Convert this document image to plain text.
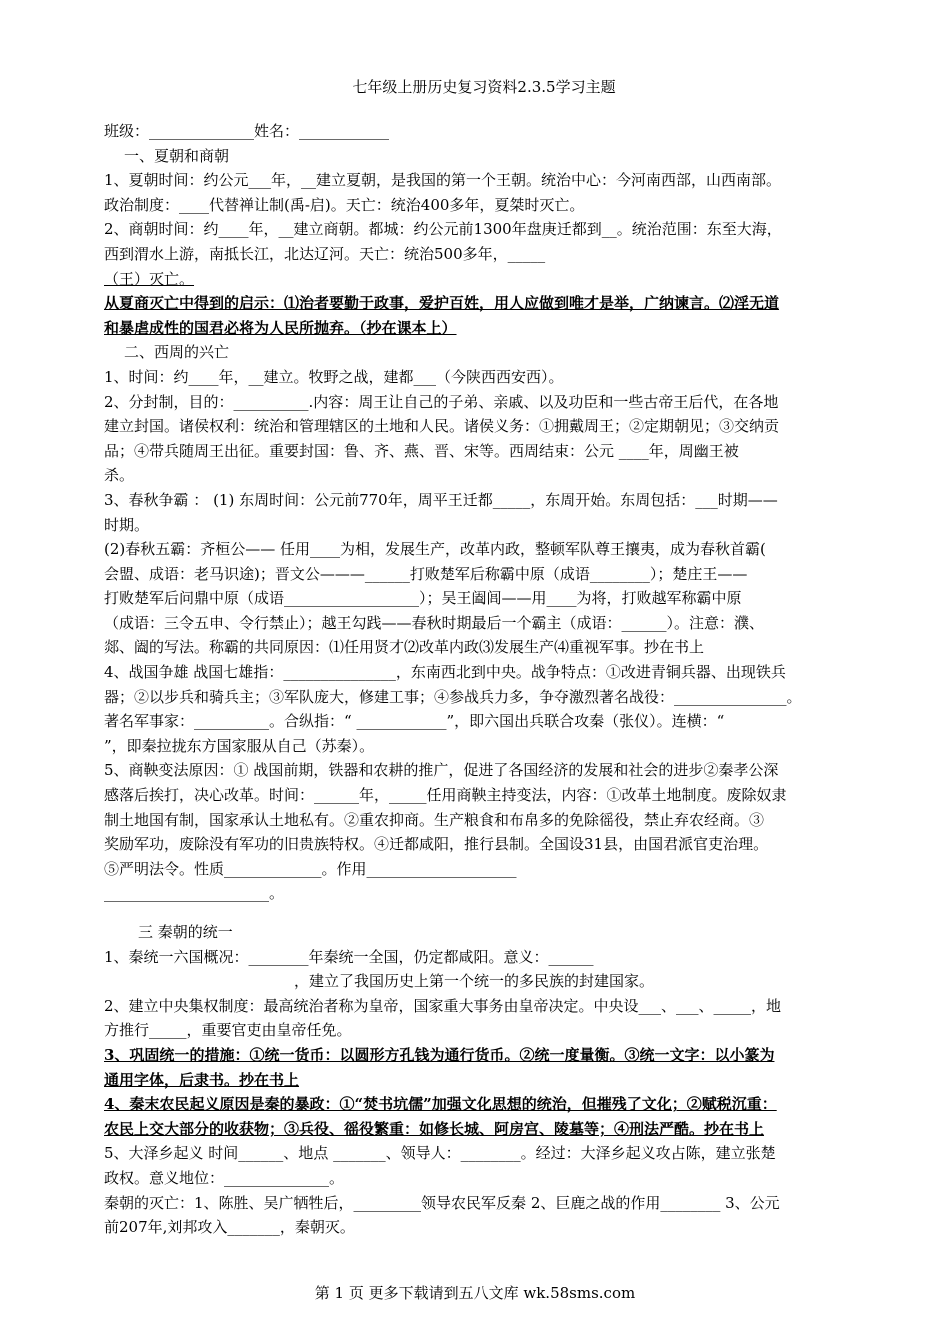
七年级上册历史复习资料2.3.5学习主题
班级：______________姓名：____________
一、夏朝和商朝
1、夏朝时间：约公元___年，__建立夏朝，是我国的第一个王朝。统治中心：今河南西部，山西南部。
政治制度：____代替禅让制(禹-启)。天亡：统治400多年，夏桀时灭亡。
2、商朝时间：约____年，__建立商朝。都城：约公元前1300年盘庚迁都到__。统治范围：东至大海，
西到渭水上游，南抵长江，北达辽河。天亡：统治500多年，_____
（王）灭亡。
从夏商灭亡中得到的启示：⑴治者要勤于政事，爱护百姓，用人应做到唯才是举，广纳谏言。⑵淫无道
和暴虐成性的国君必将为人民所抛弃。（抄在课本上）
二、西周的兴亡
1、时间：约____年，__建立。牧野之战，建都___（今陕西西安西）。
2、分封制，目的：__________.内容：周王让自己的子弟、亲戚、以及功臣和一些古帝王后代，在各地
建立封国。诸侯权利：统治和管理辖区的土地和人民。诸侯义务：①拥戴周王；②定期朝见；③交纳贡
品；④带兵随周王出征。重要封国：鲁、齐、燕、晋、宋等。西周结束：公元 ____年，周幽王被
杀。
3、春秋争霸 ： (1) 东周时间：公元前770年，周平王迁都_____，东周开始。东周包括：___时期——
时期。
(2)春秋五霸：齐桓公—— 任用____为相，发展生产，改革内政，整顿军队尊王攘夷，成为春秋首霸(
会盟、成语：老马识途)；晋文公———______打败楚军后称霸中原（成语________）；楚庄王——
打败楚军后问鼎中原（成语__________________）；吴王阖闾——用____为将，打败越军称霸中原
（成语：三令五申、令行禁止）；越王勾践——春秋时期最后一个霸主（成语：______）。注意：濮、
郯、阖的写法。称霸的共同原因：⑴任用贤才⑵改革内政⑶发展生产⑷重视军事。抄在书上
4、战国争雄 战国七雄指：_______________，东南西北到中央。战争特点：①改进青铜兵器、出现铁兵
器；②以步兵和骑兵主；③军队庞大，修建工事；④参战兵力多，争夺激烈著名战役：_______________。
著名军事家：__________。合纵指：“ ____________”，即六国出兵联合攻秦（张仪）。连横：“
”，即秦拉拢东方国家服从自己（苏秦）。
5、商鞅变法原因：① 战国前期，铁器和农耕的推广，促进了各国经济的发展和社会的进步②秦孝公深
感落后挨打，决心改革。时间：______年，_____任用商鞅主持变法，内容：①改革土地制度。废除奴隶
制土地国有制，国家承认土地私有。②重农抑商。生产粮食和布帛多的免除徭役，禁止弃农经商。③
奖励军功，废除没有军功的旧贵族特权。④迁都咸阳，推行县制。全国设31县，由国君派官吏治理。
⑤严明法令。性质_____________。作用____________________
______________________。
三 秦朝的统一
1、秦统一六国概况：________年秦统一全国，仍定都咸阳。意义：______
，建立了我国历史上第一个统一的多民族的封建国家。
2、建立中央集权制度：最高统治者称为皇帝，国家重大事务由皇帝决定。中央设___、___、_____，地
方推行_____，重要官吏由皇帝任免。
3、巩固统一的措施：①统一货币：以圆形方孔钱为通行货币。②统一度量衡。③统一文字：以小篆为
通用字体，后隶书。抄在书上
4、秦末农民起义原因是秦的暴政：①“焚书坑儒”加强文化思想的统治，但摧残了文化；②赋税沉重：
农民上交大部分的收获物；③兵役、徭役繁重：如修长城、阿房宫、陵墓等；④刑法严酷。抄在书上
5、大泽乡起义 时间______、地点 _______、领导人：________。经过：大泽乡起义攻占陈，建立张楚
政权。意义地位：______________。
秦朝的灭亡：1、陈胜、吴广牺牲后，_________领导农民军反秦 2、巨鹿之战的作用________ 3、公元
前207年,刘邦攻入_______，秦朝灭。
第 1 页 更多下载请到五八文库 wk.58sms.com
